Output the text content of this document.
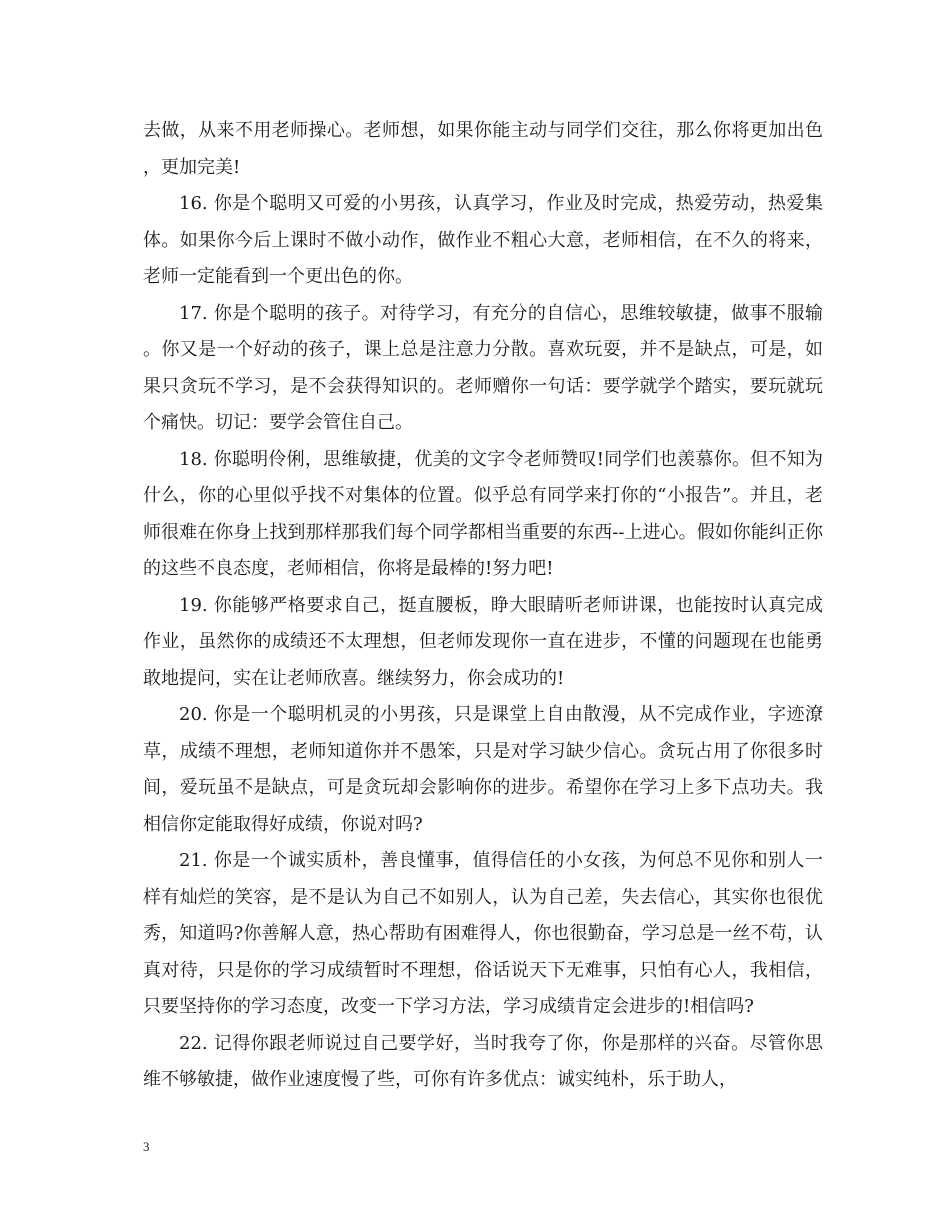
去做，从来不用老师操心。老师想，如果你能主动与同学们交往，那么你将更加出色，更加完美!

16. 你是个聪明又可爱的小男孩，认真学习，作业及时完成，热爱劳动，热爱集体。如果你今后上课时不做小动作，做作业不粗心大意，老师相信，在不久的将来，老师一定能看到一个更出色的你。

17. 你是个聪明的孩子。对待学习，有充分的自信心，思维较敏捷，做事不服输。你又是一个好动的孩子，课上总是注意力分散。喜欢玩耍，并不是缺点，可是，如果只贪玩不学习，是不会获得知识的。老师赠你一句话：要学就学个踏实，要玩就玩个痛快。切记：要学会管住自己。

18. 你聪明伶俐，思维敏捷，优美的文字令老师赞叹!同学们也羡慕你。但不知为什么，你的心里似乎找不对集体的位置。似乎总有同学来打你的“小报告”。并且，老师很难在你身上找到那样那我们每个同学都相当重要的东西--上进心。假如你能纠正你的这些不良态度，老师相信，你将是最棒的!努力吧!

19. 你能够严格要求自己，挺直腰板，睁大眼睛听老师讲课，也能按时认真完成作业，虽然你的成绩还不太理想，但老师发现你一直在进步，不懂的问题现在也能勇敢地提问，实在让老师欣喜。继续努力，你会成功的!

20. 你是一个聪明机灵的小男孩，只是课堂上自由散漫，从不完成作业，字迹潦草，成绩不理想，老师知道你并不愚笨，只是对学习缺少信心。贪玩占用了你很多时间，爱玩虽不是缺点，可是贪玩却会影响你的进步。希望你在学习上多下点功夫。我相信你定能取得好成绩，你说对吗?

21. 你是一个诚实质朴，善良懂事，值得信任的小女孩，为何总不见你和别人一样有灿烂的笑容，是不是认为自己不如别人，认为自己差，失去信心，其实你也很优秀，知道吗?你善解人意，热心帮助有困难得人，你也很勤奋，学习总是一丝不苟，认真对待，只是你的学习成绩暂时不理想，俗话说天下无难事，只怕有心人，我相信，只要坚持你的学习态度，改变一下学习方法，学习成绩肯定会进步的!相信吗?

22. 记得你跟老师说过自己要学好，当时我夸了你，你是那样的兴奋。尽管你思维不够敏捷，做作业速度慢了些，可你有许多优点：诚实纯朴，乐于助人，

3
